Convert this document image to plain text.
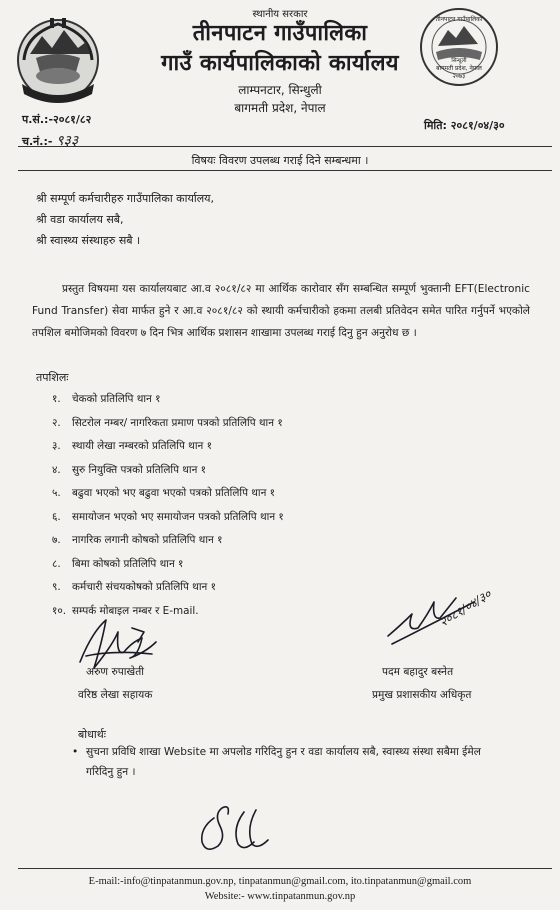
बागमती प्रदेश, नेपाल
२०७३
तीनपाटन गाउँपालिका
सिन्धुली
स्थानीय सरकार
तीनपाटन गाउँपालिका
गाउँ कार्यपालिकाको कार्यालय
लाम्पनटार, सिन्धुली
बागमती प्रदेश, नेपाल
प.सं.:-२०८१/८२
च.नं.:- ९३३
मिति: २०८१/०४/३०
विषयः विवरण उपलब्ध गराई दिने सम्बन्धमा ।
श्री सम्पूर्ण कर्मचारीहरु गाउँपालिका कार्यालय,
श्री वडा कार्यालय सबै,
श्री स्वास्थ्य संस्थाहरु सबै ।
प्रस्तुत विषयमा यस कार्यालयबाट आ.व २०८१/८२ मा आर्थिक कारोवार सँग सम्बन्धित सम्पूर्ण भुक्तानी EFT(Electronic Fund Transfer) सेवा मार्फत हुने र आ.व २०८१/८२ को स्थायी कर्मचारीको हकमा तलबी प्रतिवेदन समेत पारित गर्नुपर्ने भएकोले तपशिल बमोजिमको विवरण ७ दिन भित्र आर्थिक प्रशासन शाखामा उपलब्ध गराई दिनु हुन अनुरोध छ ।
तपशिलः
१. चेकको प्रतिलिपि थान १
२. सिटरोल नम्बर/ नागरिकता प्रमाण पत्रको प्रतिलिपि थान १
३. स्थायी लेखा नम्बरको प्रतिलिपि थान १
४. सुरु नियुक्ति पत्रको प्रतिलिपि थान १
५. बढुवा भएको भए बढुवा भएको पत्रको प्रतिलिपि थान १
६. समायोजन भएको भए समायोजन पत्रको प्रतिलिपि थान १
७. नागरिक लगानी कोषको प्रतिलिपि थान १
८. बिमा कोषको प्रतिलिपि थान १
९. कर्मचारी संचयकोषको प्रतिलिपि थान १
१०. सम्पर्क मोबाइल नम्बर र E-mail.
अरुण रुपाखेती
वरिष्ठ लेखा सहायक
२०८१/०४/३०
पदम बहादुर बस्नेत
प्रमुख प्रशासकीय अधिकृत
बोधार्थः
• सुचना प्रविधि शाखा Website मा अपलोड गरिदिनु हुन र वडा कार्यालय सबै, स्वास्थ्य संस्था सबैमा ईमेल गरिदिनु हुन ।
E-mail:-info@tinpatanmun.gov.np, tinpatanmun@gmail.com, ito.tinpatanmun@gmail.com
Website:- www.tinpatanmun.gov.np
